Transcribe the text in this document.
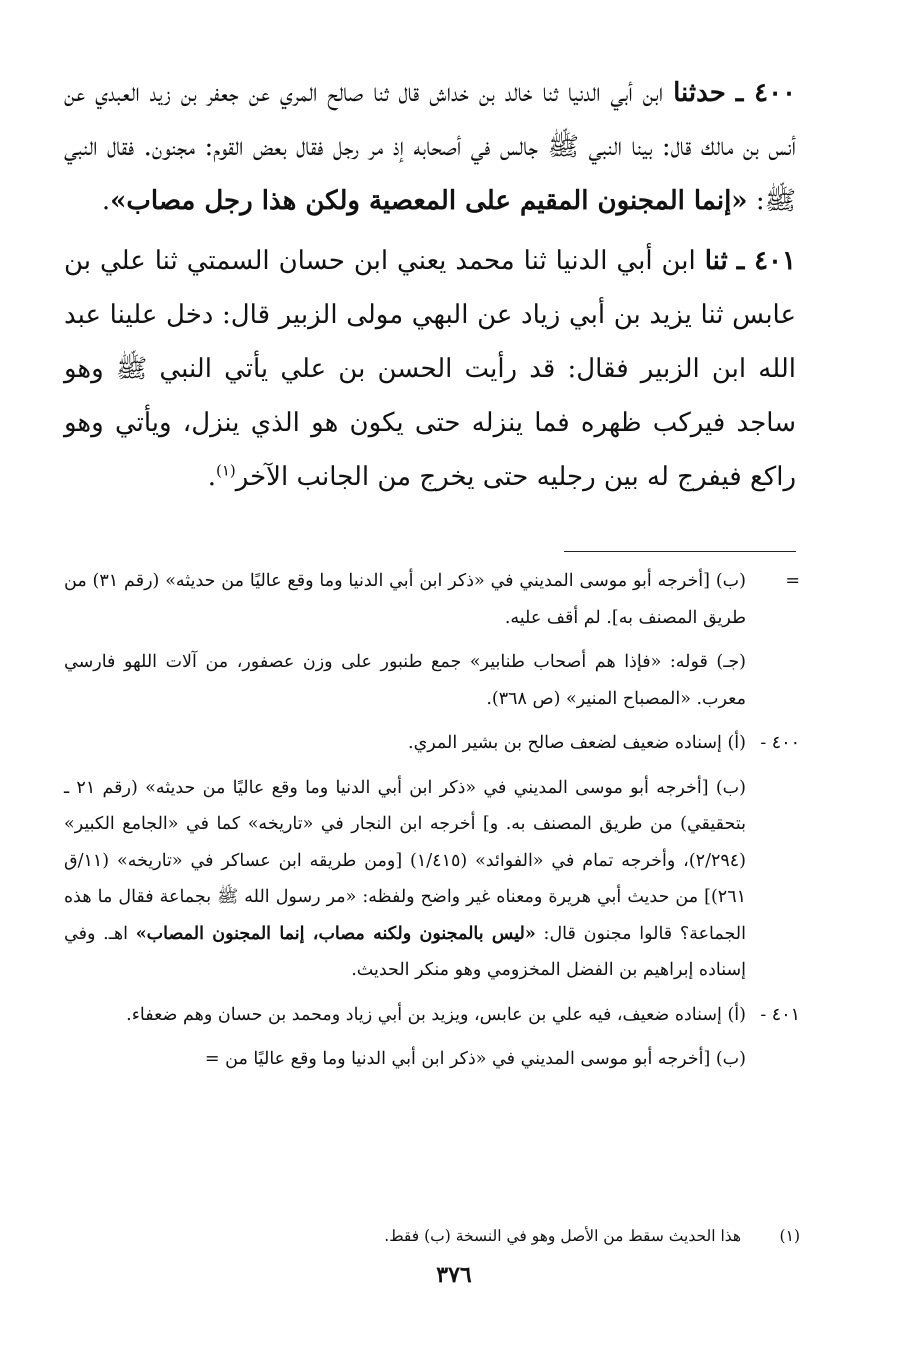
٤٠٠ ـ حدثنا ابن أبي الدنيا ثنا خالد بن خداش قال ثنا صالح المري عن جعفر بن زيد العبدي عن أنس بن مالك قال: بينا النبي ﷺ جالس في أصحابه إذ مر رجل فقال بعض القوم: مجنون. فقال النبي ﷺ: «إنما المجنون المقيم على المعصية ولكن هذا رجل مصاب».

٤٠١ ـ ثنا ابن أبي الدنيا ثنا محمد يعني ابن حسان السمتي ثنا علي بن عابس ثنا يزيد بن أبي زياد عن البهي مولى الزبير قال: دخل علينا عبد الله ابن الزبير فقال: قد رأيت الحسن بن علي يأتي النبي ﷺ وهو ساجد فيركب ظهره فما ينزله حتى يكون هو الذي ينزل، ويأتي وهو راكع فيفرج له بين رجليه حتى يخرج من الجانب الآخر$^{(١)}$.

=
(ب) [أخرجه أبو موسى المديني في «ذكر ابن أبي الدنيا وما وقع عاليًا من حديثه» (رقم ٣١) من طريق المصنف به]. لم أقف عليه.

(جـ) قوله: «فإذا هم أصحاب طنابير» جمع طنبور على وزن عصفور، من آلات اللهو فارسي معرب. «المصباح المنير» (ص ٣٦٨).

٤٠٠ -
(أ) إسناده ضعيف لضعف صالح بن بشير المري.

(ب) [أخرجه أبو موسى المديني في «ذكر ابن أبي الدنيا وما وقع عاليًا من حديثه» (رقم ٢١ ـ بتحقيقي) من طريق المصنف به. و] أخرجه ابن النجار في «تاريخه» كما في «الجامع الكبير» (٢/٢٩٤)، وأخرجه تمام في «الفوائد» (١/٤١٥) [ومن طريقه ابن عساكر في «تاريخه» (١١/ق ٢٦١)] من حديث أبي هريرة ومعناه غير واضح ولفظه: «مر رسول الله ﷺ بجماعة فقال ما هذه الجماعة؟ قالوا مجنون قال: «ليس بالمجنون ولكنه مصاب، إنما المجنون المصاب» اهـ. وفي إسناده إبراهيم بن الفضل المخزومي وهو منكر الحديث.

٤٠١ -
(أ) إسناده ضعيف، فيه علي بن عابس، ويزيد بن أبي زياد ومحمد بن حسان وهم ضعفاء.

(ب) [أخرجه أبو موسى المديني في «ذكر ابن أبي الدنيا وما وقع عاليًا من =

(١) هذا الحديث سقط من الأصل وهو في النسخة (ب) فقط.
٣٧٦
